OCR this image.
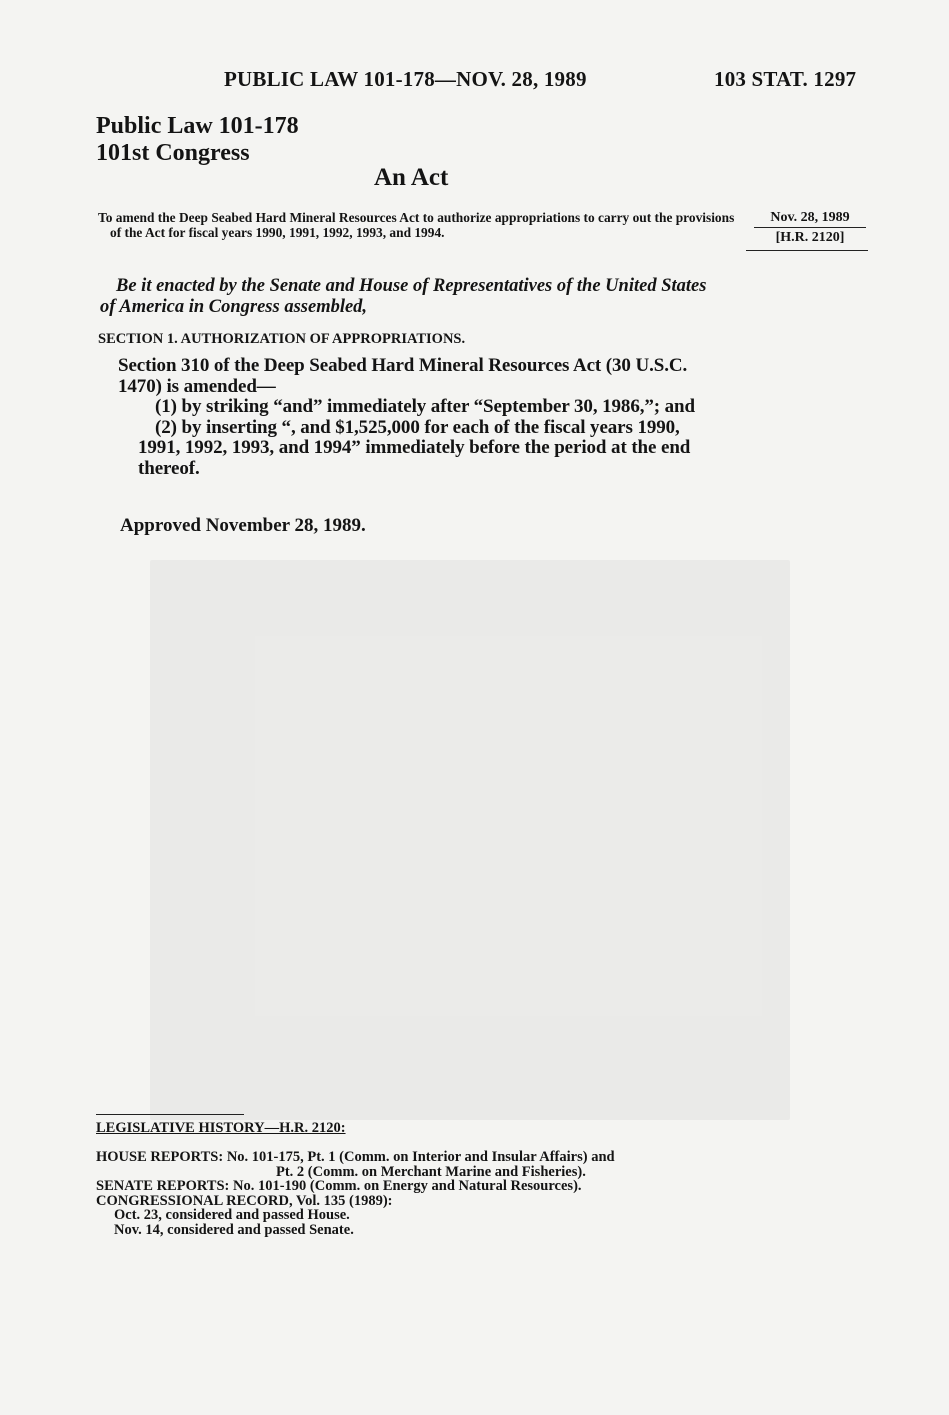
PUBLIC LAW 101-178—NOV. 28, 1989	103 STAT. 1297
Public Law 101-178
101st Congress
An Act
To amend the Deep Seabed Hard Mineral Resources Act to authorize appropriations to carry out the provisions of the Act for fiscal years 1990, 1991, 1992, 1993, and 1994.
Nov. 28, 1989
[H.R. 2120]
Be it enacted by the Senate and House of Representatives of the United States of America in Congress assembled,
SECTION 1. AUTHORIZATION OF APPROPRIATIONS.

Section 310 of the Deep Seabed Hard Mineral Resources Act (30 U.S.C. 1470) is amended—

(1) by striking “and” immediately after “September 30, 1986,”; and

(2) by inserting “, and $1,525,000 for each of the fiscal years 1990, 1991, 1992, 1993, and 1994” immediately before the period at the end thereof.

Approved November 28, 1989.
LEGISLATIVE HISTORY—H.R. 2120:
HOUSE REPORTS: No. 101-175, Pt. 1 (Comm. on Interior and Insular Affairs) and
Pt. 2 (Comm. on Merchant Marine and Fisheries).
SENATE REPORTS: No. 101-190 (Comm. on Energy and Natural Resources).
CONGRESSIONAL RECORD, Vol. 135 (1989):
Oct. 23, considered and passed House.
Nov. 14, considered and passed Senate.
